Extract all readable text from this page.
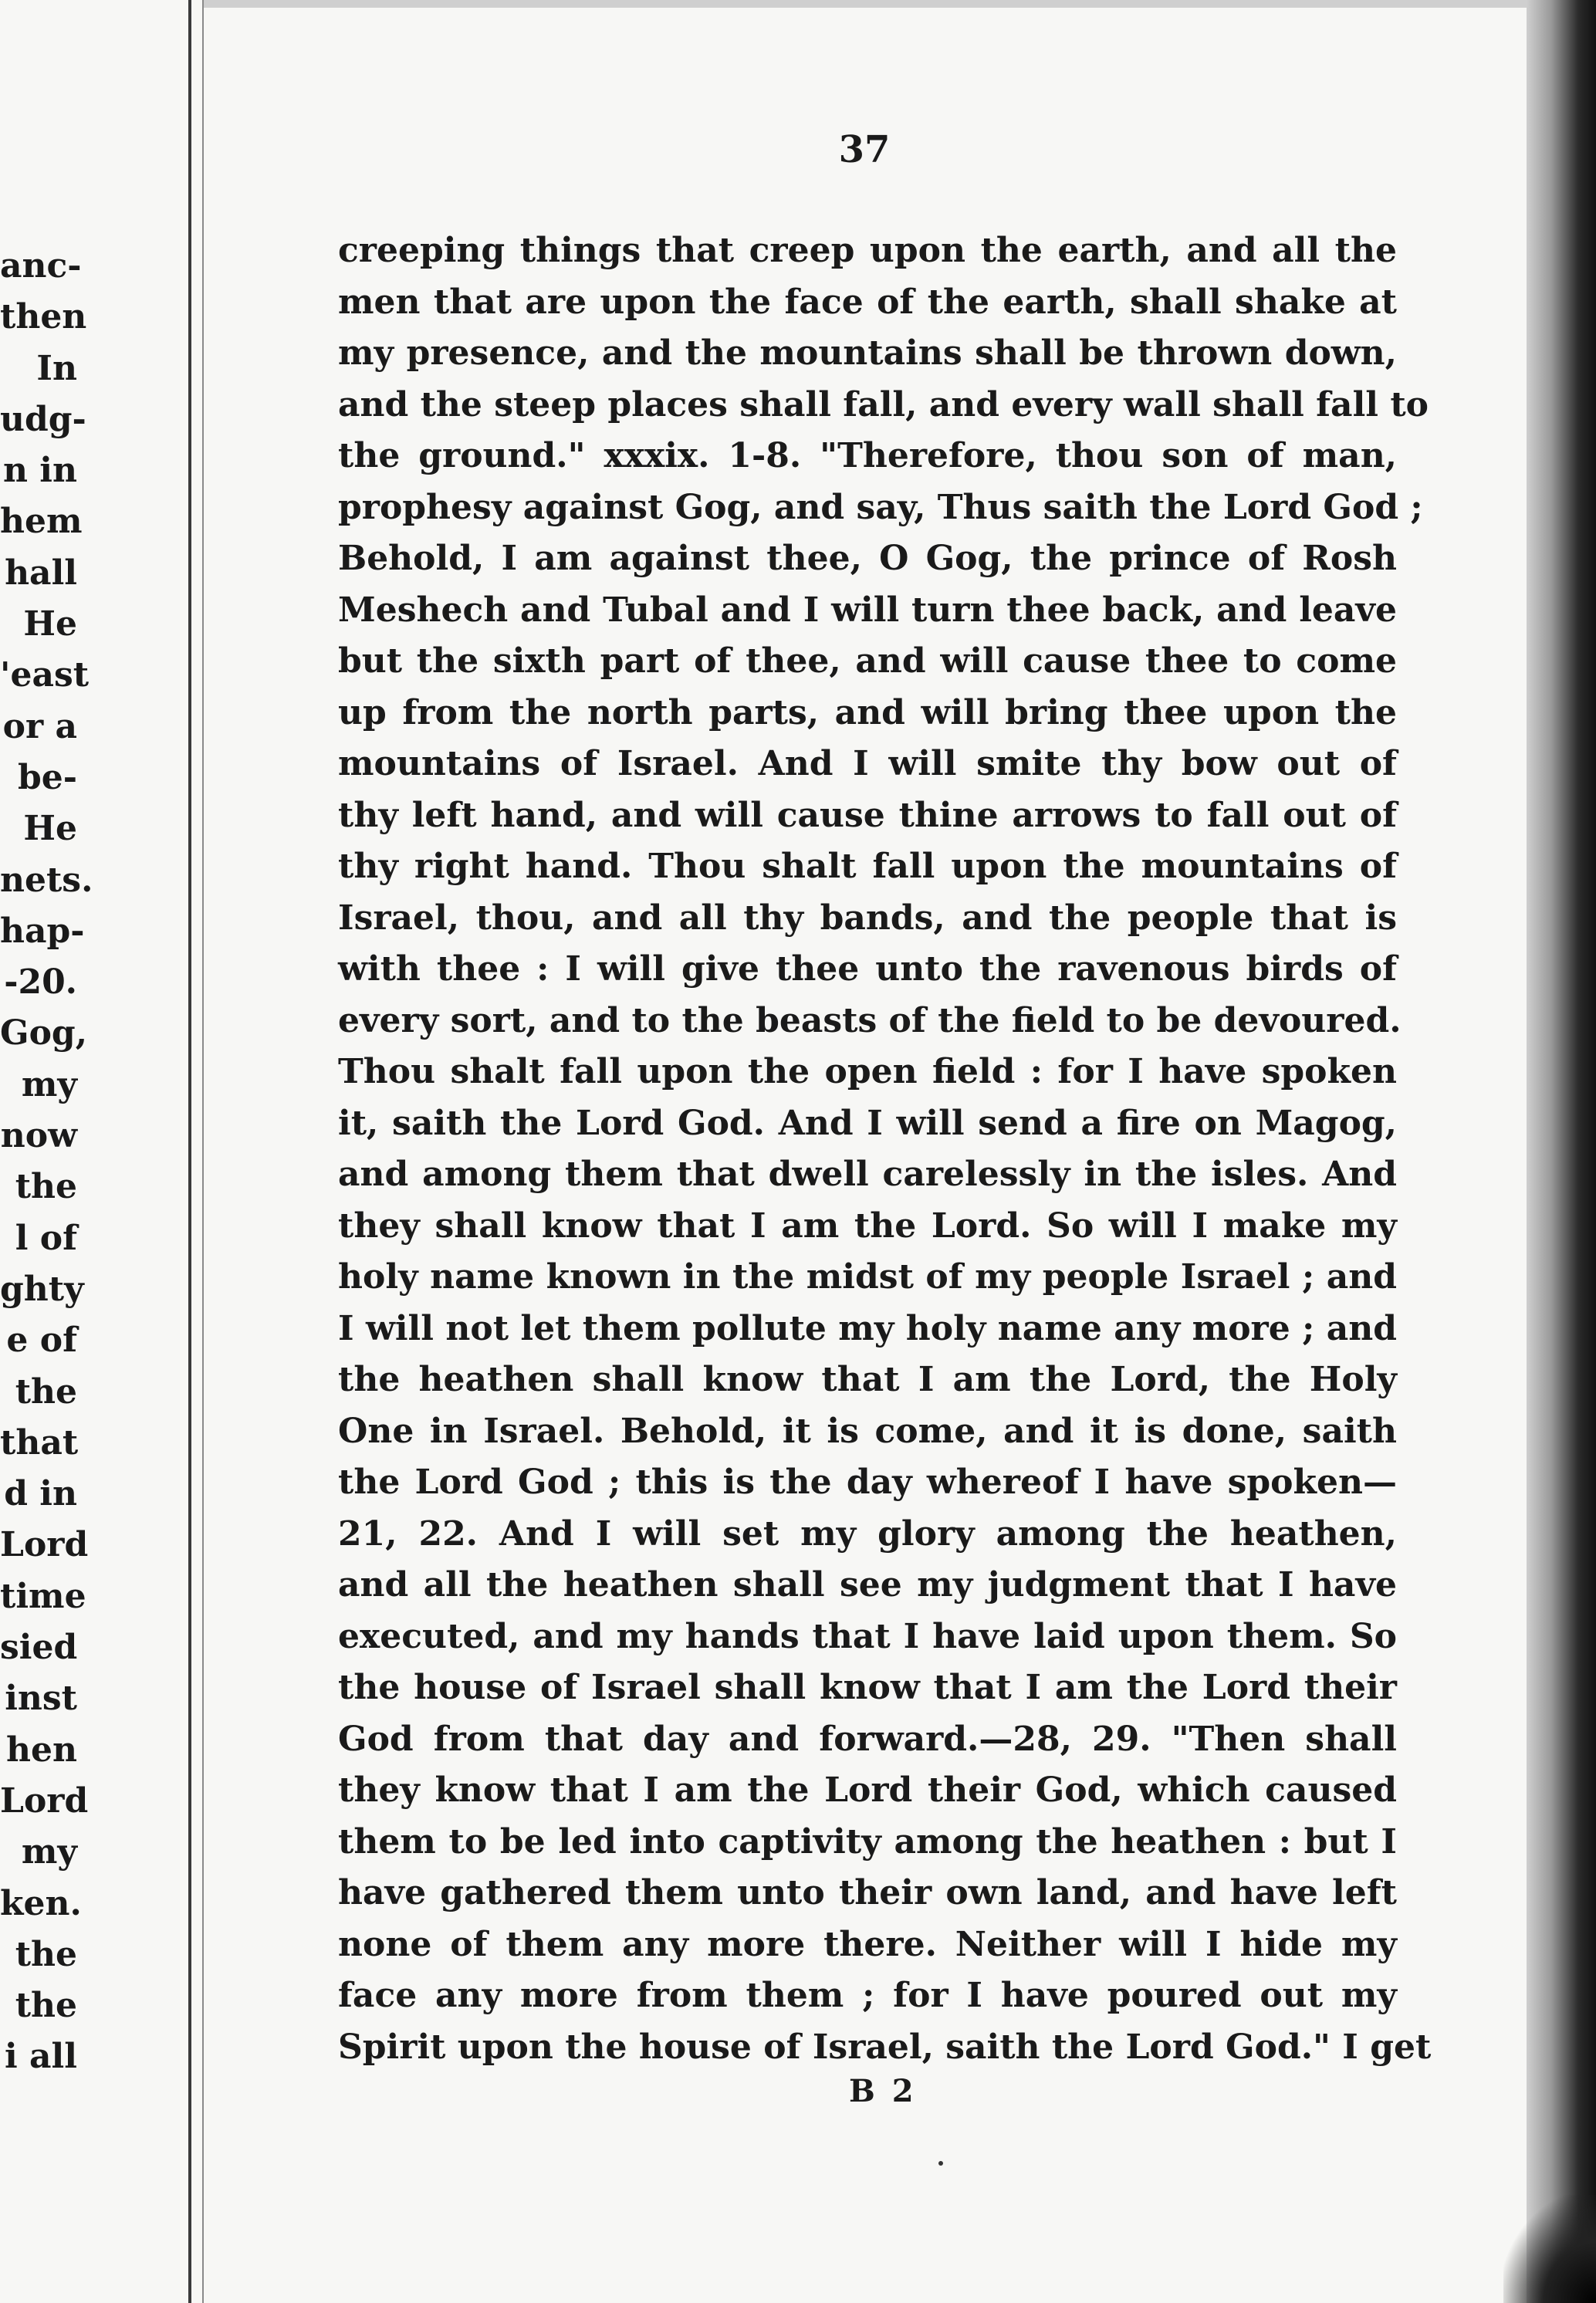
anc-
then
In
udg-
n in
hem
hall
He
'east
or a
be-
He
nets.
hap-
-20.
Gog,
my
now
the
l of
ghty
e of
the
that
d in
Lord
time
sied
inst
hen
Lord
my
ken.
the
the
i all
37
creeping things that creep upon the earth, and all the
men that are upon the face of the earth, shall shake at
my presence, and the mountains shall be thrown down,
and the steep places shall fall, and every wall shall fall to
the ground." xxxix. 1-8. "Therefore, thou son of man,
prophesy against Gog, and say, Thus saith the Lord God ;
Behold, I am against thee, O Gog, the prince of Rosh
Meshech and Tubal and I will turn thee back, and leave
but the sixth part of thee, and will cause thee to come
up from the north parts, and will bring thee upon the
mountains of Israel. And I will smite thy bow out of
thy left hand, and will cause thine arrows to fall out of
thy right hand. Thou shalt fall upon the mountains of
Israel, thou, and all thy bands, and the people that is
with thee : I will give thee unto the ravenous birds of
every sort, and to the beasts of the field to be devoured.
Thou shalt fall upon the open field : for I have spoken
it, saith the Lord God. And I will send a fire on Magog,
and among them that dwell carelessly in the isles. And
they shall know that I am the Lord. So will I make my
holy name known in the midst of my people Israel ; and
I will not let them pollute my holy name any more ; and
the heathen shall know that I am the Lord, the Holy
One in Israel. Behold, it is come, and it is done, saith
the Lord God ; this is the day whereof I have spoken—
21, 22. And I will set my glory among the heathen,
and all the heathen shall see my judgment that I have
executed, and my hands that I have laid upon them. So
the house of Israel shall know that I am the Lord their
God from that day and forward.—28, 29. "Then shall
they know that I am the Lord their God, which caused
them to be led into captivity among the heathen : but I
have gathered them unto their own land, and have left
none of them any more there. Neither will I hide my
face any more from them ; for I have poured out my
Spirit upon the house of Israel, saith the Lord God." I get
B 2
